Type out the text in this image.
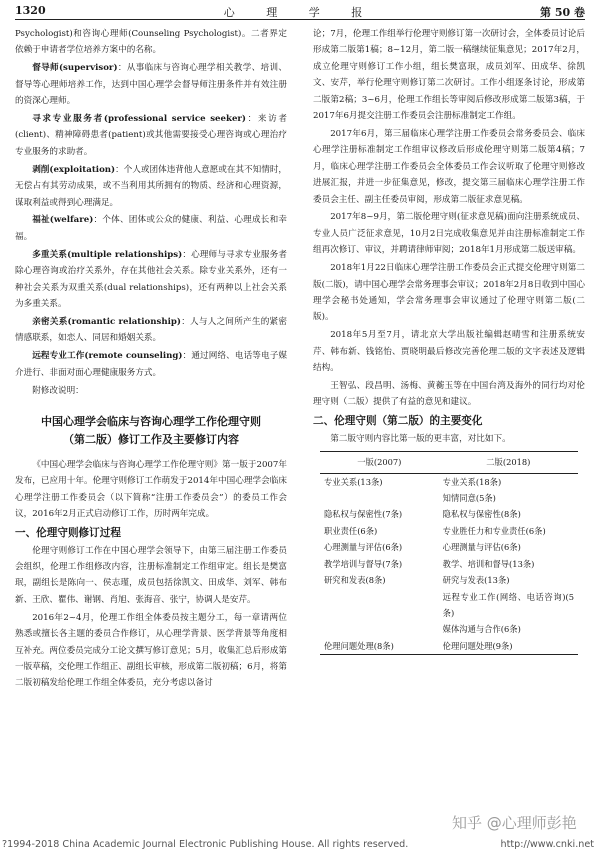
1320	心 理 学 报	第 50 卷

Psychologist)和咨询心理师(Counseling Psychologist)。二者界定依赖于申请者学位培养方案中的名称。

督导师(supervisor)：从事临床与咨询心理学相关教学、培训、督导等心理师培养工作，达到中国心理学会督导师注册条件并有效注册的资深心理师。

寻求专业服务者(professional service seeker)：来访者(client)、精神障碍患者(patient)或其他需要接受心理咨询或心理治疗专业服务的求助者。

剥削(exploitation)：个人或团体违背他人意愿或在其不知情时，无偿占有其劳动成果，或不当利用其所拥有的物质、经济和心理资源，谋取利益或得到心理满足。

福祉(welfare)：个体、团体或公众的健康、利益、心理成长和幸福。

多重关系(multiple relationships)：心理师与寻求专业服务者除心理咨询或治疗关系外，存在其他社会关系。除专业关系外，还有一种社会关系为双重关系(dual relationships)，还有两种以上社会关系为多重关系。

亲密关系(romantic relationship)：人与人之间所产生的紧密情感联系，如恋人、同居和婚姻关系。

远程专业工作(remote counseling)：通过网络、电话等电子媒介进行、非面对面心理健康服务方式。

附修改说明：

中国心理学会临床与咨询心理学工作伦理守则
（第二版）修订工作及主要修订内容

《中国心理学会临床与咨询心理学工作伦理守则》第一版于2007年发布，已应用十年。伦理守则修订工作萌发于2014年中国心理学会临床心理学注册工作委员会（以下简称“注册工作委员会”）的委员工作会议，2016年2月正式启动修订工作，历时两年完成。

一、伦理守则修订过程

伦理守则修订工作在中国心理学会领导下，由第三届注册工作委员会组织，伦理工作组修改内容，注册标准制定工作组审定。组长是樊富珉，副组长是陈向一、侯志瑾，成员包括徐凯文、田成华、刘军、韩布新、王欣、瞿伟、谢钢、肖旭、张海音、张宁，协调人是安芹。

2016年2~4月，伦理工作组全体委员按主题分工，每一章请两位熟悉或擅长各主题的委员合作修订，从心理学背景、医学背景等角度相互补充。两位委员完成分工论文撰写修订意见；5月，收集汇总后形成第一版草稿，交伦理工作组正、副组长审核，形成第二版初稿；6月，将第二版初稿发给伦理工作组全体委员，充分考虑以备讨

论；7月，伦理工作组举行伦理守则修订第一次研讨会，全体委员讨论后形成第二版第1稿；8~12月，第二版一稿继续征集意见；2017年2月，成立伦理守则修订工作小组，组长樊富珉，成员刘军、田成华、徐凯文、安芹，举行伦理守则修订第二次研讨。工作小组逐条讨论，形成第二版第2稿；3~6月，伦理工作组长等审阅后修改形成第二版第3稿，于2017年6月提交注册工作委员会注册标准制定工作组。

2017年6月，第三届临床心理学注册工作委员会常务委员会、临床心理学注册标准制定工作组审议修改后形成伦理守则第二版第4稿；7月，临床心理学注册工作委员会全体委员工作会议听取了伦理守则修改进展汇报，并进一步征集意见，修改，提交第三届临床心理学注册工作委员会主任、副主任委员审阅，形成第二版征求意见稿。

2017年8~9月，第二版伦理守则(征求意见稿)面向注册系统成员、专业人员广泛征求意见，10月2日完成收集意见并由注册标准制定工作组再次修订、审议，并聘请律师审阅；2018年1月形成第二版送审稿。

2018年1月22日临床心理学注册工作委员会正式提交伦理守则第二版(二版)，请中国心理学会常务理事会审议；2018年2月8日收到中国心理学会秘书处通知，学会常务理事会审议通过了伦理守则第二版(二版)。

2018年5月至7月，请北京大学出版社编辑赵晴雪和注册系统安芹、韩布新、钱铭怡、贾晓明最后修改完善伦理二版的文字表述及逻辑结构。

王智弘、段昌明、汤梅、黄蘅玉等在中国台湾及海外的同行均对伦理守则（二版）提供了有益的意见和建议。

二、伦理守则（第二版）的主要变化

第二版守则内容比第一版的更丰富，对比如下。

一版(2007)	二版(2018)
专业关系(13条)	专业关系(18条)
	知情同意(5条)
隐私权与保密性(7条)	隐私权与保密性(8条)
职业责任(6条)	专业胜任力和专业责任(6条)
心理测量与评估(6条)	心理测量与评估(6条)
教学培训与督导(7条)	教学、培训和督导(13条)
研究和发表(8条)	研究与发表(13条)
	远程专业工作(网络、电话咨询)(5条)
	媒体沟通与合作(6条)
伦理问题处理(8条)	伦理问题处理(9条)
知乎 @心理师彭艳
?1994-2018 China Academic Journal Electronic Publishing House. All rights reserved.	http://www.cnki.net
